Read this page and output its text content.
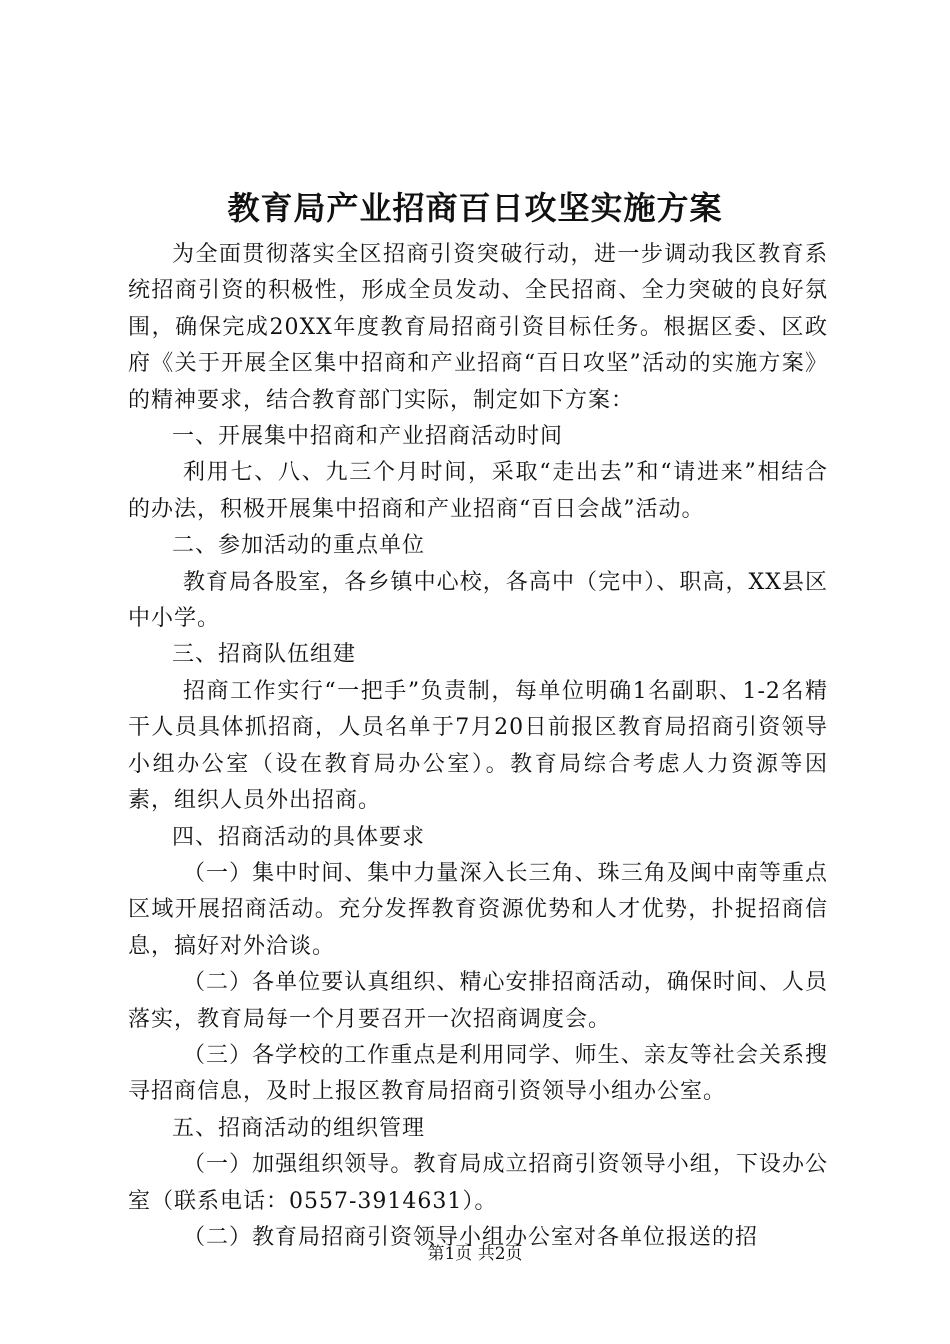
教育局产业招商百日攻坚实施方案

为全面贯彻落实全区招商引资突破行动，进一步调动我区教育系统招商引资的积极性，形成全员发动、全民招商、全力突破的良好氛围，确保完成20XX年度教育局招商引资目标任务。根据区委、区政府《关于开展全区集中招商和产业招商“百日攻坚”活动的实施方案》的精神要求，结合教育部门实际，制定如下方案：

一、开展集中招商和产业招商活动时间

利用七、八、九三个月时间，采取“走出去”和“请进来”相结合的办法，积极开展集中招商和产业招商“百日会战”活动。

二、参加活动的重点单位

教育局各股室，各乡镇中心校，各高中（完中）、职高，XX县区中小学。

三、招商队伍组建

招商工作实行“一把手”负责制，每单位明确1名副职、1-2名精干人员具体抓招商，人员名单于7月20日前报区教育局招商引资领导小组办公室（设在教育局办公室）。教育局综合考虑人力资源等因素，组织人员外出招商。

四、招商活动的具体要求

（一）集中时间、集中力量深入长三角、珠三角及闽中南等重点区域开展招商活动。充分发挥教育资源优势和人才优势，扑捉招商信息，搞好对外洽谈。

（二）各单位要认真组织、精心安排招商活动，确保时间、人员落实，教育局每一个月要召开一次招商调度会。

（三）各学校的工作重点是利用同学、师生、亲友等社会关系搜寻招商信息，及时上报区教育局招商引资领导小组办公室。

五、招商活动的组织管理

（一）加强组织领导。教育局成立招商引资领导小组，下设办公室（联系电话：0557-3914631）。

（二）教育局招商引资领导小组办公室对各单位报送的招

第1页 共2页
